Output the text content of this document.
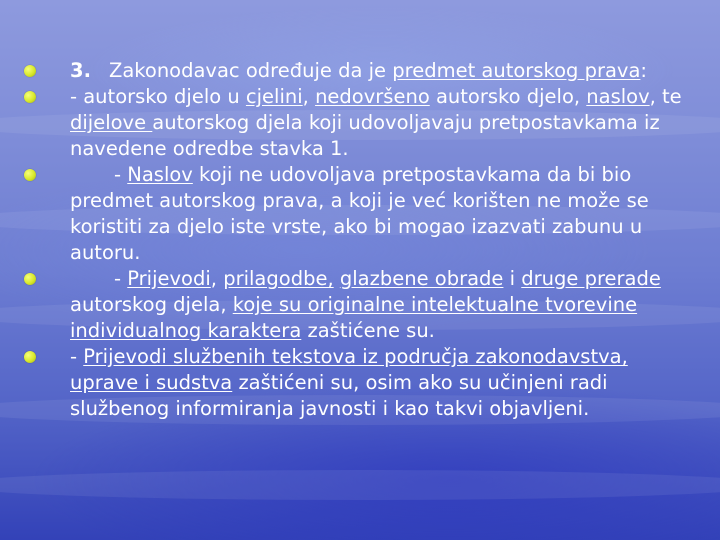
3. Zakonodavac određuje da je predmet autorskog prava:
- autorsko djelo u cjelini, nedovršeno autorsko djelo, naslov, te dijelove autorskog djela koji udovoljavaju pretpostavkama iz navedene odredbe stavka 1.
- Naslov koji ne udovoljava pretpostavkama da bi bio predmet autorskog prava, a koji je već korišten ne može se koristiti za djelo iste vrste, ako bi mogao izazvati zabunu u autoru.
- Prijevodi, prilagodbe, glazbene obrade i druge prerade autorskog djela, koje su originalne intelektualne tvorevine individualnog karaktera zaštićene su.
- Prijevodi službenih tekstova iz područja zakonodavstva, uprave i sudstva zaštićeni su, osim ako su učinjeni radi službenog informiranja javnosti i kao takvi objavljeni.
